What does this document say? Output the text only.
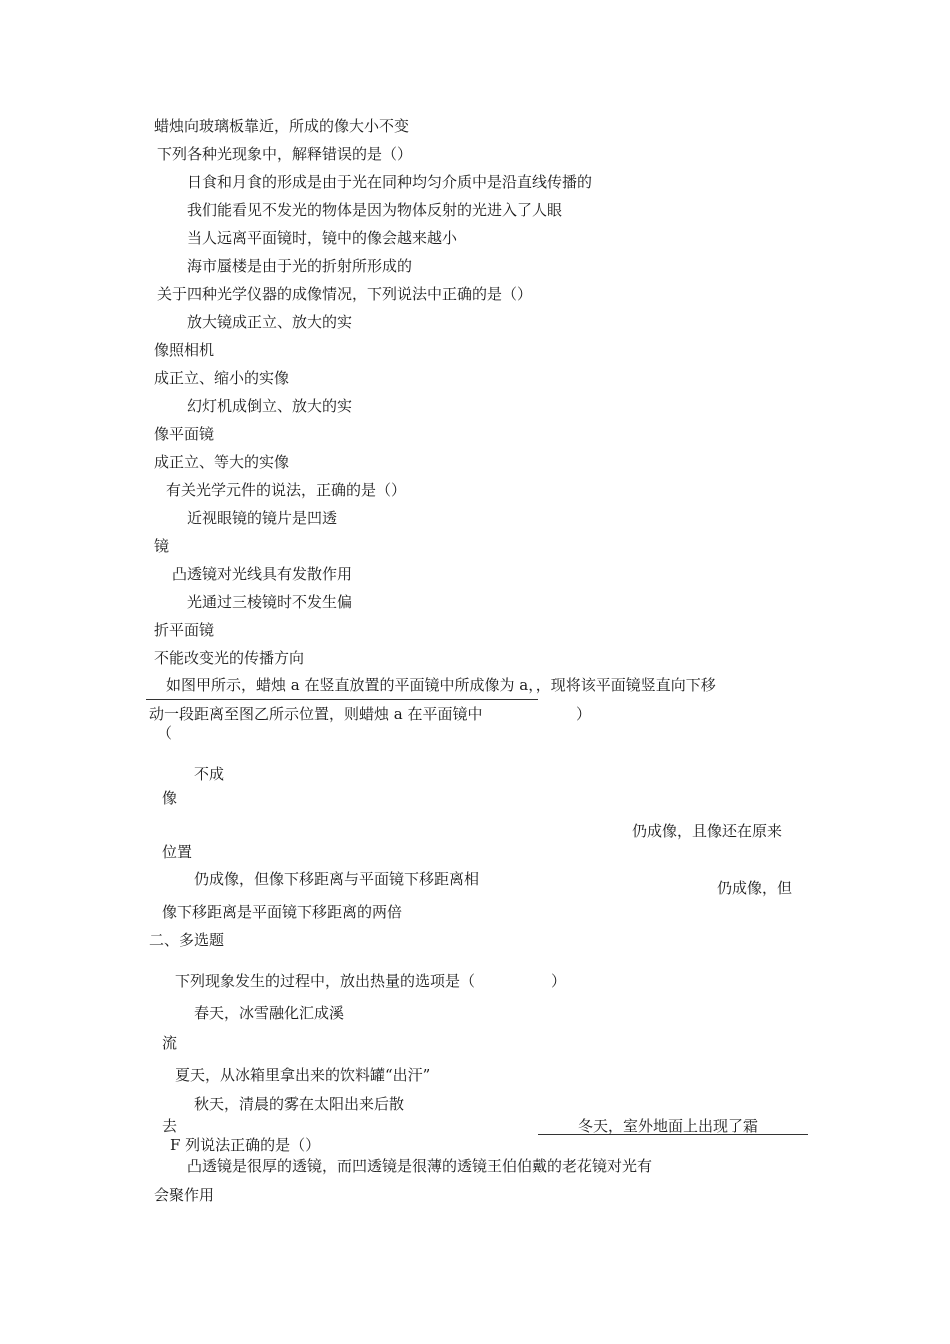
蜡烛向玻璃板靠近，所成的像大小不变
下列各种光现象中，解释错误的是（）
日食和月食的形成是由于光在同种均匀介质中是沿直线传播的
我们能看见不发光的物体是因为物体反射的光进入了人眼
当人远离平面镜时，镜中的像会越来越小
海市蜃楼是由于光的折射所形成的
关于四种光学仪器的成像情况，下列说法中正确的是（）
放大镜成正立、放大的实
像照相机
成正立、缩小的实像
幻灯机成倒立、放大的实
像平面镜
成正立、等大的实像
有关光学元件的说法，正确的是（）
近视眼镜的镜片是凹透
镜
凸透镜对光线具有发散作用
光通过三棱镜时不发生偏
折平面镜
不能改变光的传播方向
如图甲所示，蜡烛 a 在竖直放置的平面镜中所成像为 a，，现将该平面镜竖直向下移
动一段距离至图乙所示位置，则蜡烛 a 在平面镜中	）
（
不成
像
仍成像，且像还在原来
位置
仍成像，但像下移距离与平面镜下移距离相	仍成像，但
像下移距离是平面镜下移距离的两倍
二、多选题
下列现象发生的过程中，放出热量的选项是（	）
春天，冰雪融化汇成溪
流
夏天，从冰箱里拿出来的饮料罐“出汗”
秋天，清晨的雾在太阳出来后散
去	冬天，室外地面上出现了霜
F 列说法正确的是（）
凸透镜是很厚的透镜，而凹透镜是很薄的透镜王伯伯戴的老花镜对光有
会聚作用
